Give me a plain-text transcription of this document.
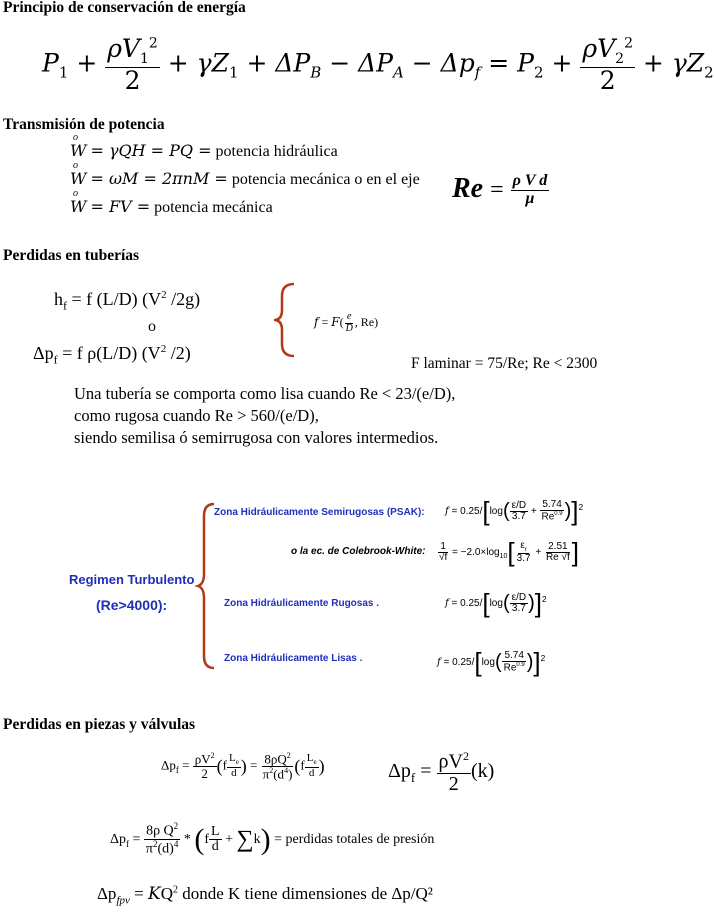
Principio de conservación de energía
$P_1 + \frac{\rho V_1^2}{2} + \gamma Z_1 + \Delta P_B - \Delta P_A - \Delta p_f = P_2 + \frac{\rho V_2^2}{2} + \gamma Z_2$
Transmisión de potencia
o
W = γQH = PQ = potencia hidráulica
o
W = ωM = 2πnM = potencia mecánica o en el eje
o
W = FV = potencia mecánica
$Re = \frac{\text{ρ V d}}{\mu}$
Perdidas en tuberías
$h_f = f$ (L/D) ($V^2$ /2g)
o
$\Delta p_f = f$ ρ(L/D) ($V^2$ /2)
$f = F( \frac{e}{D}$ , Re)
F laminar = 75/Re; Re < 2300
Una tubería se comporta como lisa cuando Re < 23/(e/D),
como rugosa cuando Re > 560/(e/D),
siendo semilisa ó semirrugosa con valores intermedios.
Regimen Turbulento
(Re>4000):
Zona Hidráulicamente Semirugosas (PSAK): $f = 0.25/[\log( \frac{\varepsilon/D}{3.7} + \frac{5.74}{Re^{0.9}} )]^2$
o la ec. de Colebrook-White: $\frac{1}{√f} = -2.0\times\log_{10}[ \frac{\varepsilon_r}{3.7} + \frac{2.51}{Re √f}$ ]
Zona Hidráulicamente Rugosas .	$f = 0.25/[\log( \frac{\varepsilon/D}{3.7} )]^2$
Zona Hidráulicamente Lisas .	$f = 0.25/[\log( \frac{5.74}{Re^{0.9}} )]^2$
Perdidas en piezas y válvulas
$\Delta p_f = \frac{\rho V^2}{2} (f \frac{L_e}{d}$ ) = $\frac{8\rho Q^2}{\pi^2(d^4)} (f \frac{L_e}{d}$ )	$\Delta p_f = \frac{\rho V^2}{2} (k)$
$\Delta p_f = \frac{8\rho Q^2}{\pi^2(d)^4} * (f \frac{L}{d} + \sum k)$ = perdidas totales de presión
$\Delta p_{fpv} = KQ^2$ donde K tiene dimensiones de Δp/Q²
